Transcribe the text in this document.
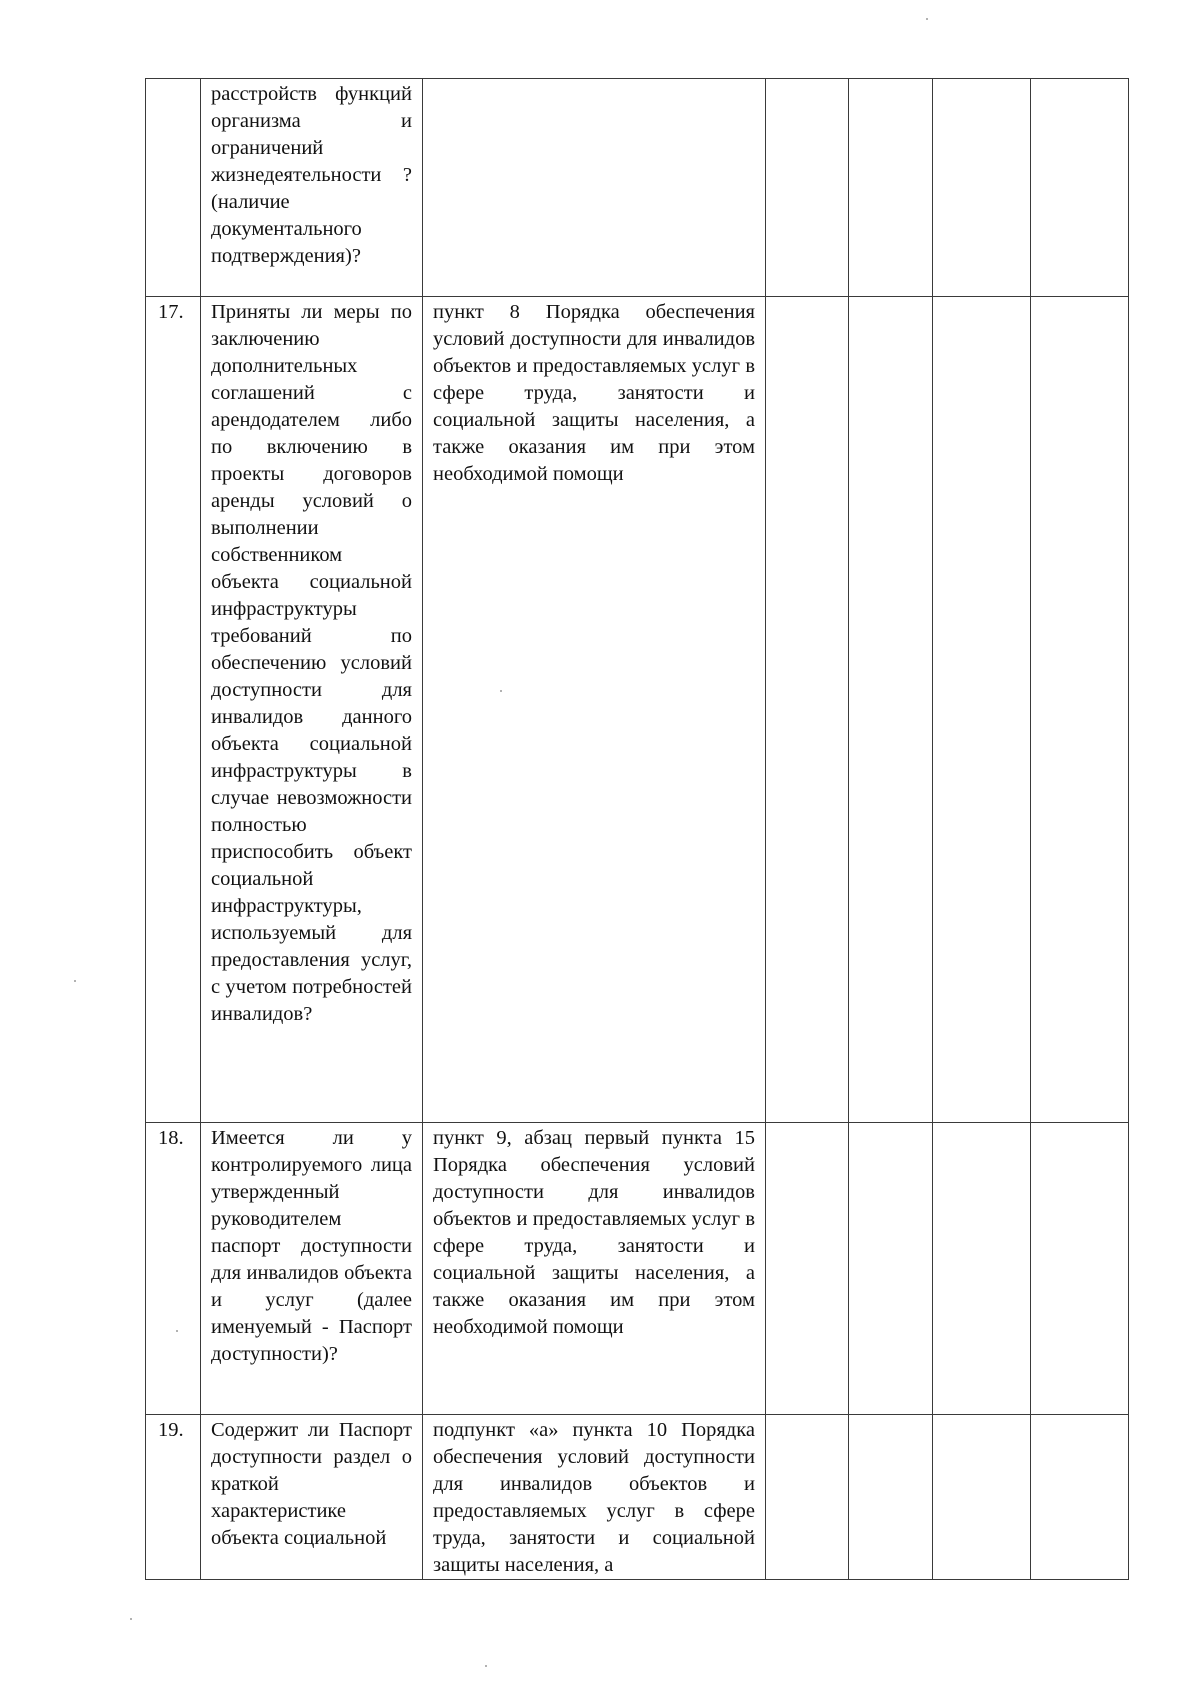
	расстройств функций организма и ограничений жизнедеятельности ? (наличие документального подтверждения)?					

17.	Приняты ли меры по заключению дополнительных соглашений с арендодателем либо по включению в проекты договоров аренды условий о выполнении собственником объекта социальной инфраструктуры требований по обеспечению условий доступности для инвалидов данного объекта социальной инфраструктуры в случае невозможности полностью приспособить объект социальной инфраструктуры, используемый для предоставления услуг, с учетом потребностей инвалидов?	пункт 8 Порядка обеспечения условий доступности для инвалидов объектов и предоставляемых услуг в сфере труда, занятости и социальной защиты населения, а также оказания им при этом необходимой помощи				

18.	Имеется ли у контролируемого лица утвержденный руководителем паспорт доступности для инвалидов объекта и услуг (далее именуемый - Паспорт доступности)?	пункт 9, абзац первый пункта 15 Порядка обеспечения условий доступности для инвалидов объектов и предоставляемых услуг в сфере труда, занятости и социальной защиты населения, а также оказания им при этом необходимой помощи				

19.	Содержит ли Паспорт доступности раздел о краткой характеристике объекта социальной	подпункт «а» пункта 10 Порядка обеспечения условий доступности для инвалидов объектов и предоставляемых услуг в сфере труда, занятости и социальной защиты населения, а				
